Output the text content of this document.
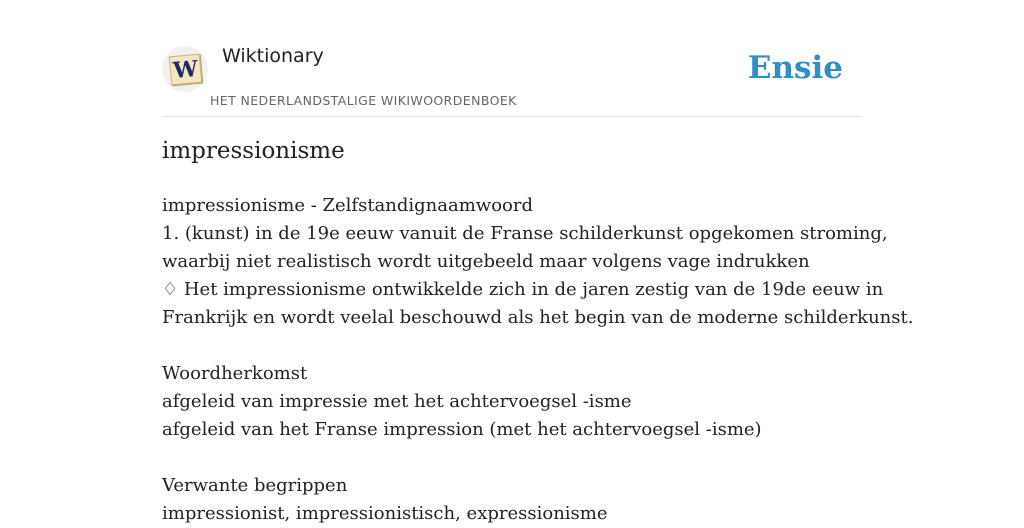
W Wiktionary
HET NEDERLANDSTALIGE WIKIWOORDENBOEK
Ensie
impressionisme
impressionisme - Zelfstandignaamwoord
1. (kunst) in de 19e eeuw vanuit de Franse schilderkunst opgekomen stroming,
waarbij niet realistisch wordt uitgebeeld maar volgens vage indrukken
♢ Het impressionisme ontwikkelde zich in de jaren zestig van de 19de eeuw in
Frankrijk en wordt veelal beschouwd als het begin van de moderne schilderkunst.
Woordherkomst
afgeleid van impressie met het achtervoegsel -isme
afgeleid van het Franse impression (met het achtervoegsel -isme)
Verwante begrippen
impressionist, impressionistisch, expressionisme
